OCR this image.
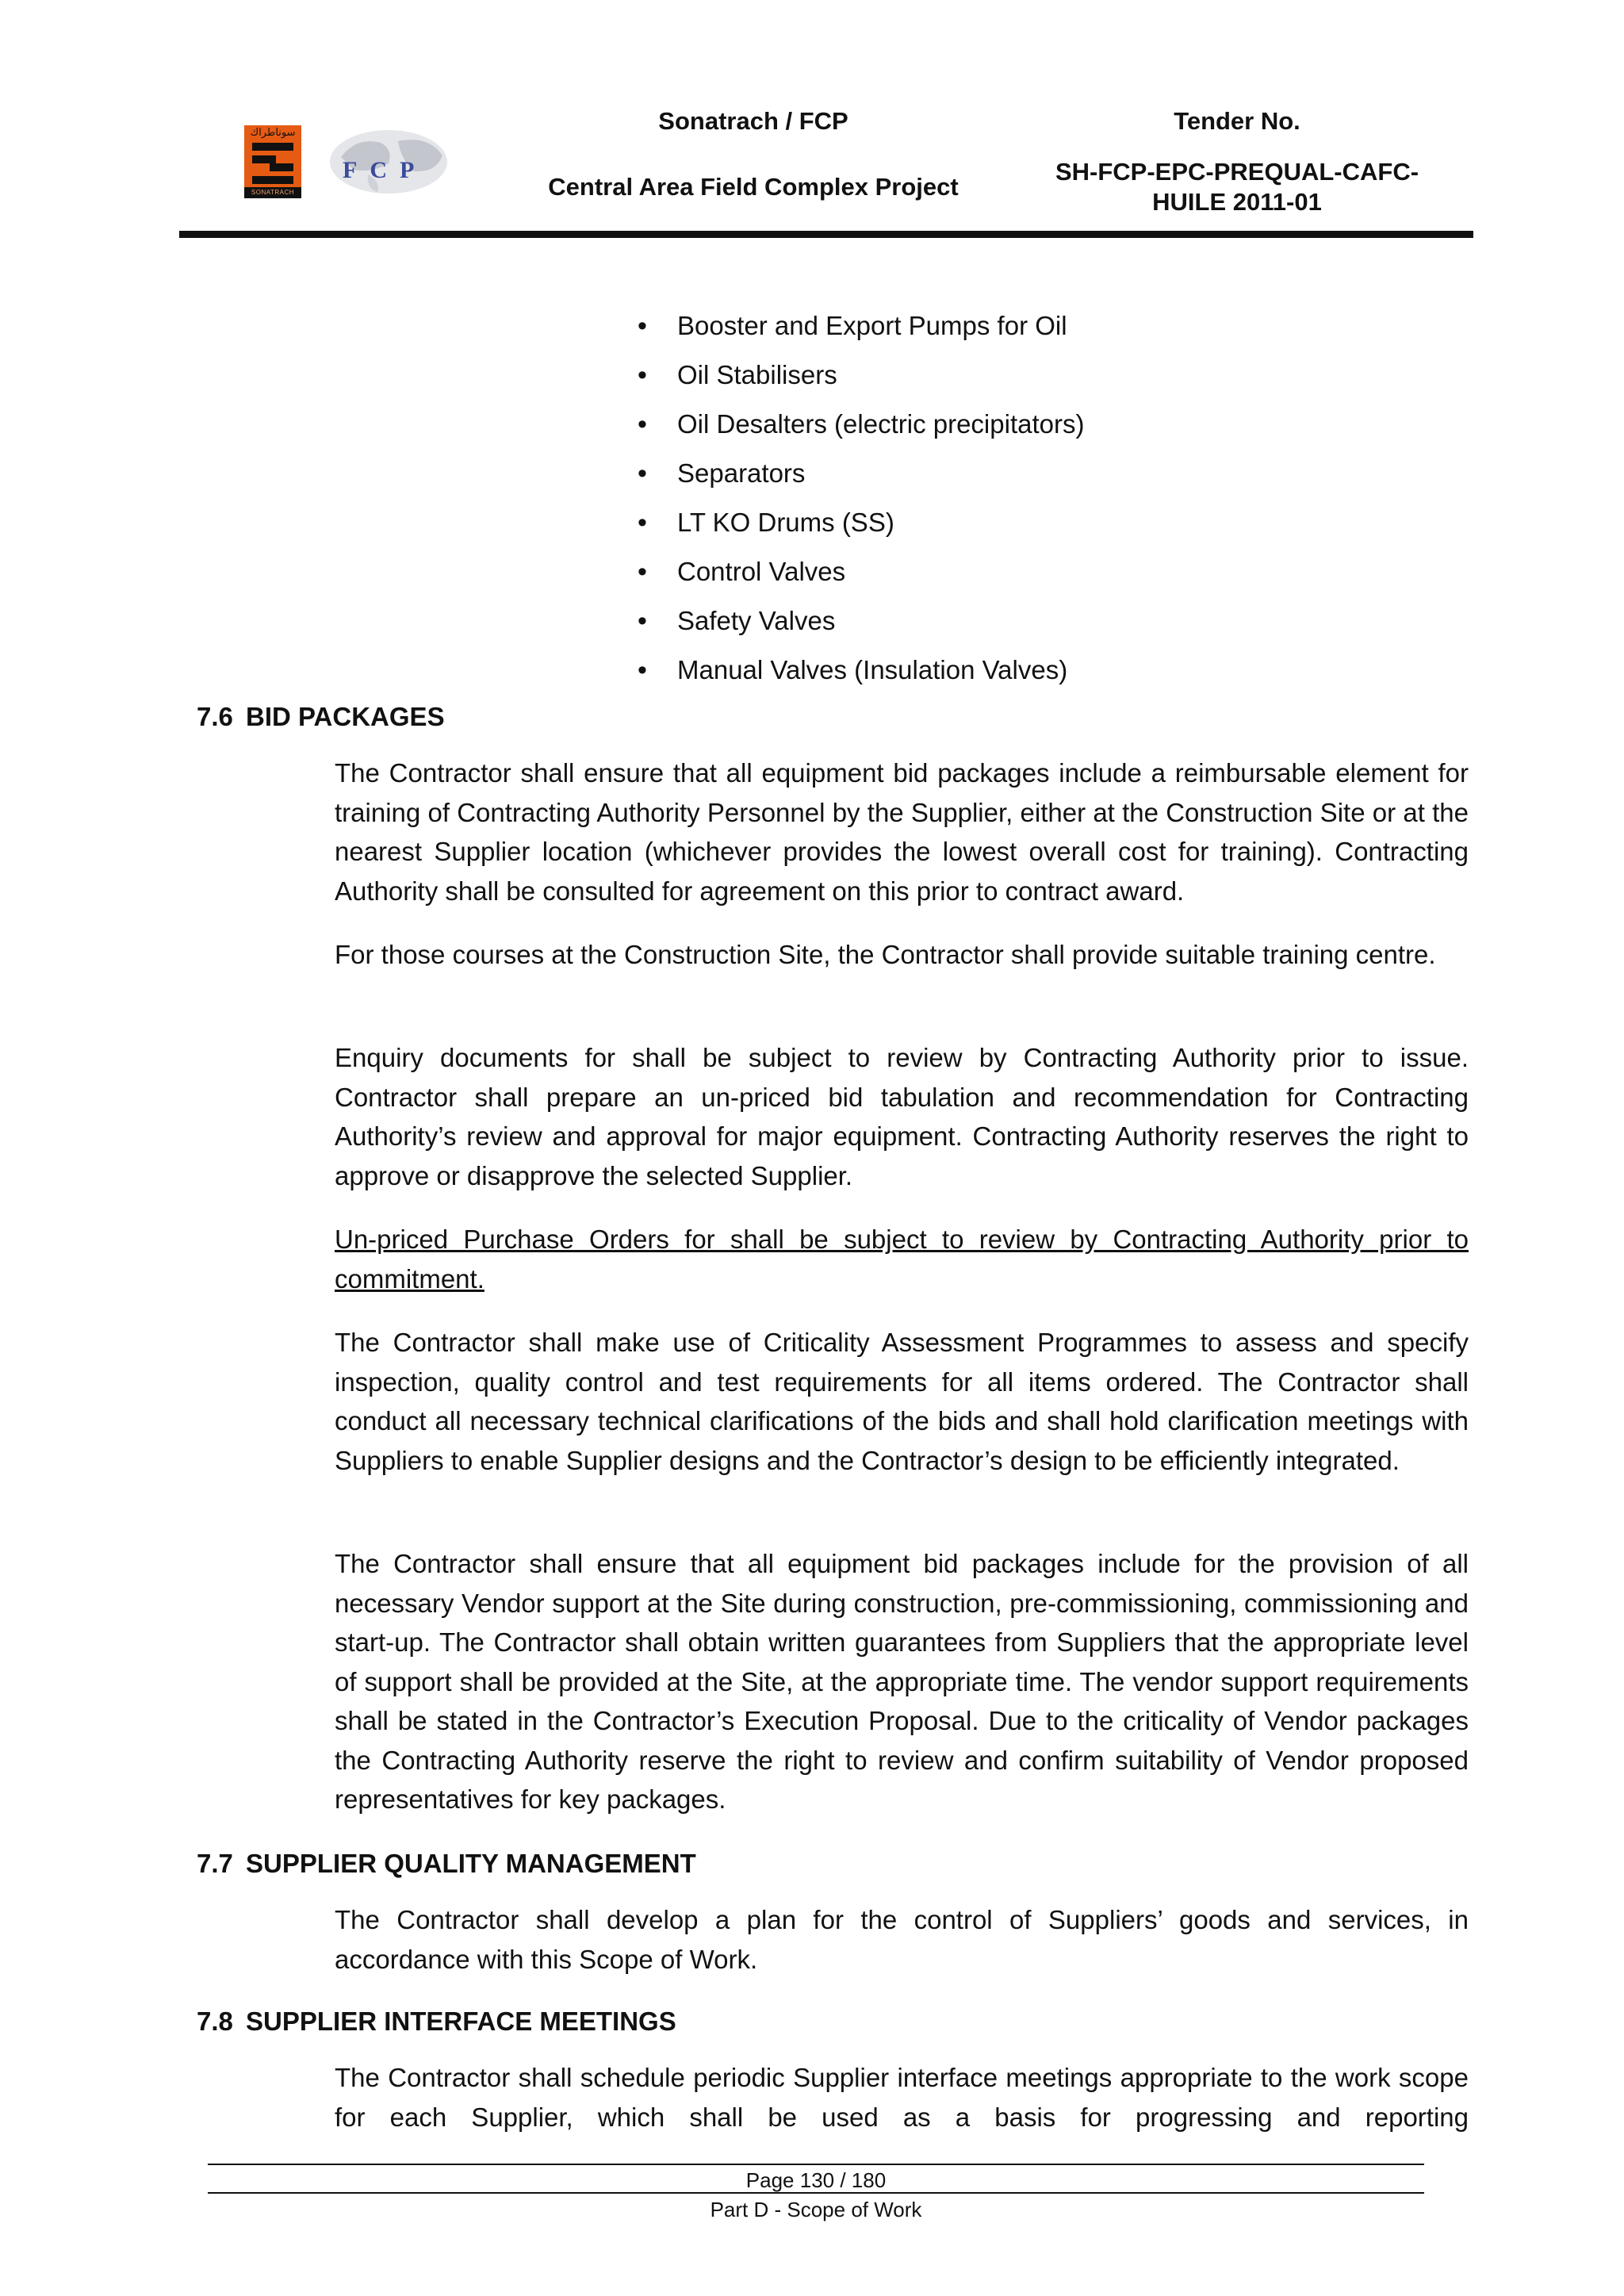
سوناطراك
SONATRACH
FCP
Sonatrach / FCP
Central Area Field Complex Project
Tender No.
SH-FCP-EPC-PREQUAL-CAFC-
HUILE 2011-01
• Booster and Export Pumps for Oil
• Oil Stabilisers
• Oil Desalters (electric precipitators)
• Separators
• LT KO Drums (SS)
• Control Valves
• Safety Valves
• Manual Valves (Insulation Valves)
7.6 BID PACKAGES

The Contractor shall ensure that all equipment bid packages include a reimbursable element for training of Contracting Authority Personnel by the Supplier, either at the Construction Site or at the nearest Supplier location (whichever provides the lowest overall cost for training). Contracting Authority shall be consulted for agreement on this prior to contract award.

For those courses at the Construction Site, the Contractor shall provide suitable training centre.

Enquiry documents for shall be subject to review by Contracting Authority prior to issue. Contractor shall prepare an un-priced bid tabulation and recommendation for Contracting Authority’s review and approval for major equipment. Contracting Authority reserves the right to approve or disapprove the selected Supplier.

Un-priced Purchase Orders for shall be subject to review by Contracting Authority prior to commitment.

The Contractor shall make use of Criticality Assessment Programmes to assess and specify inspection, quality control and test requirements for all items ordered. The Contractor shall conduct all necessary technical clarifications of the bids and shall hold clarification meetings with Suppliers to enable Supplier designs and the Contractor’s design to be efficiently integrated.

The Contractor shall ensure that all equipment bid packages include for the provision of all necessary Vendor support at the Site during construction, pre-commissioning, commissioning and start-up. The Contractor shall obtain written guarantees from Suppliers that the appropriate level of support shall be provided at the Site, at the appropriate time. The vendor support requirements shall be stated in the Contractor’s Execution Proposal. Due to the criticality of Vendor packages the Contracting Authority reserve the right to review and confirm suitability of Vendor proposed representatives for key packages.

7.7 SUPPLIER QUALITY MANAGEMENT

The Contractor shall develop a plan for the control of Suppliers’ goods and services, in accordance with this Scope of Work.

7.8 SUPPLIER INTERFACE MEETINGS

The Contractor shall schedule periodic Supplier interface meetings appropriate to the work scope for each Supplier, which shall be used as a basis for progressing and reporting

Page 130 / 180
Part D - Scope of Work
